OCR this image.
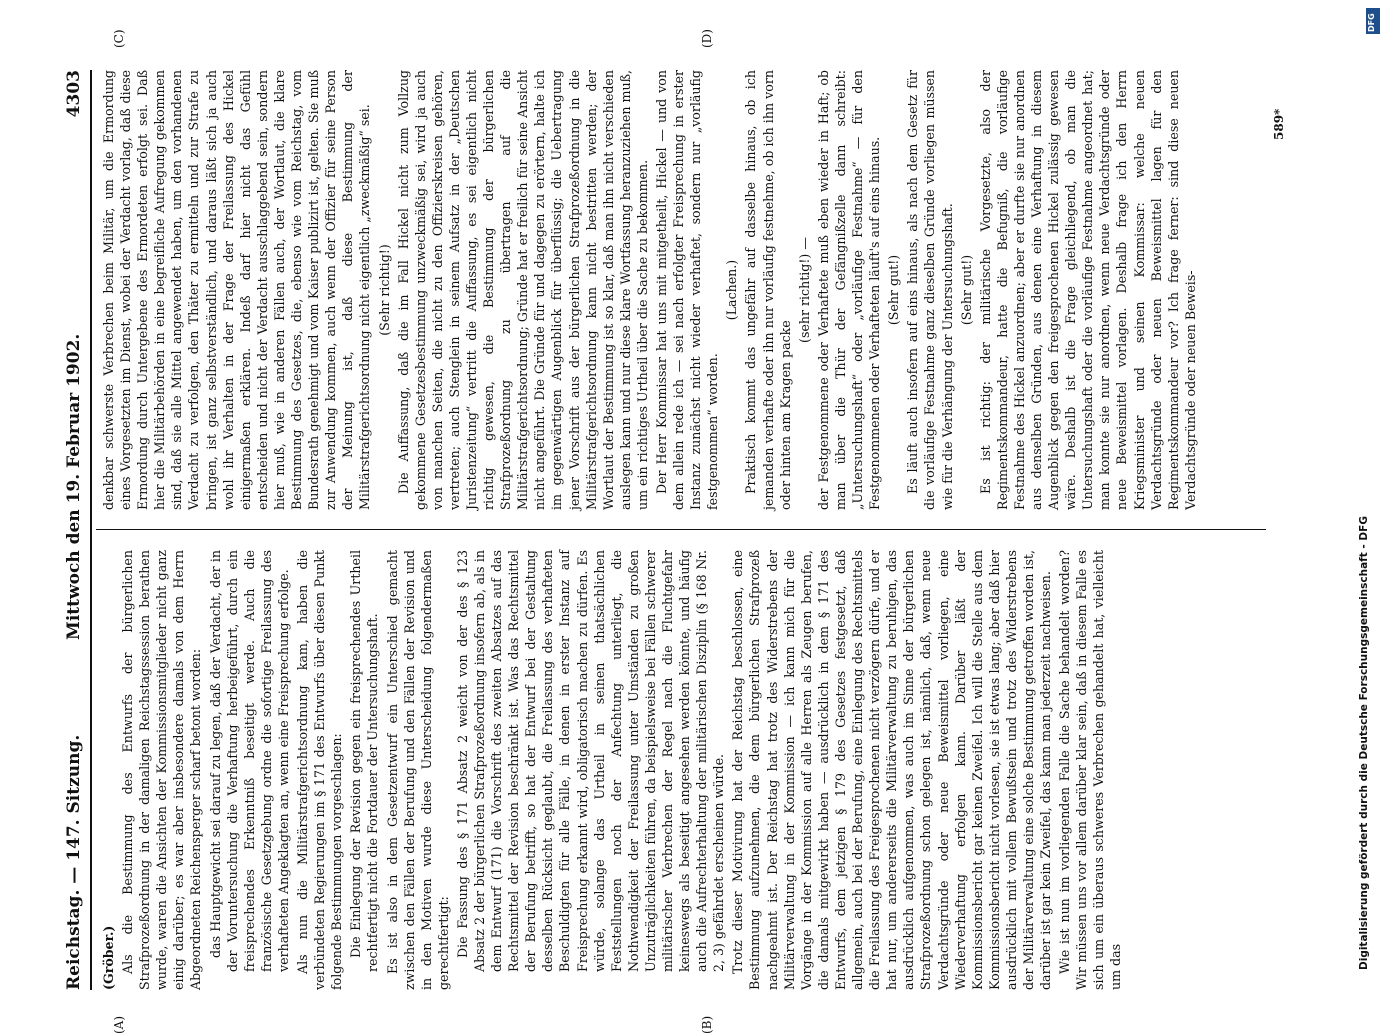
Reichstag. — 147. Sitzung.
Mittwoch den 19. Februar 1902.
4303
(A)	(B)
(C)	(D)

(Gröber.) Als die Bestimmung des Entwurfs der bürgerlichen Strafprozeßordnung in der damaligen Reichstagssession berathen wurde, waren die Ansichten der Kommissionsmitglieder nicht ganz einig darüber; es war aber insbesondere damals von dem Herrn Abgeordneten Reichensperger scharf betont worden: das Hauptgewicht sei darauf zu legen, daß der Verdacht, der in der Voruntersuchung die Verhaftung herbeigeführt, durch ein freisprechendes Erkenntniß beseitigt werde. Auch die französische Gesetzgebung ordne die sofortige Freilassung des verhafteten Angeklagten an, wenn eine Freisprechung erfolge. Als nun die Militärstrafgerichtsordnung kam, haben die verbündeten Regierungen im § 171 des Entwurfs über diesen Punkt folgende Bestimmungen vorgeschlagen: Die Einlegung der Revision gegen ein freisprechendes Urtheil rechtfertigt nicht die Fortdauer der Untersuchungshaft. Es ist also in dem Gesetzentwurf ein Unterschied gemacht zwischen den Fällen der Berufung und den Fällen der Revision und in den Motiven wurde diese Unterscheidung folgendermaßen gerechtfertigt: Die Fassung des § 171 Absatz 2 weicht von der des § 123 Absatz 2 der bürgerlichen Strafprozeßordnung insofern ab, als in dem Entwurf (171) die Vorschrift des zweiten Absatzes auf das Rechtsmittel der Revision beschränkt ist. Was das Rechtsmittel der Berufung betrifft, so hat der Entwurf bei der Gestaltung desselben Rücksicht geglaubt, die Freilassung des verhafteten Beschuldigten für alle Fälle, in denen in erster Instanz auf Freisprechung erkannt wird, obligatorisch machen zu dürfen. Es würde, solange das Urtheil in seinen thatsächlichen Feststellungen noch der Anfechtung unterliegt, die Nothwendigkeit der Freilassung unter Umständen zu großen Unzuträglichkeiten führen, da beispielsweise bei Fällen schwerer militärischer Verbrechen der Regel nach die Fluchtgefahr keineswegs als beseitigt angesehen werden könnte, und häufig auch die Aufrechterhaltung der militärischen Disziplin (§ 168 Nr. 2, 3) gefährdet erscheinen würde. Trotz dieser Motivirung hat der Reichstag beschlossen, eine Bestimmung aufzunehmen, die dem bürgerlichen Strafprozeß nachgeahmt ist. Der Reichstag hat trotz des Widerstrebens der Militärverwaltung in der Kommission — ich kann mich für die Vorgänge in der Kommission auf alle Herren als Zeugen berufen, die damals mitgewirkt haben — ausdrücklich in dem § 171 des Entwurfs, dem jetzigen § 179 des Gesetzes festgesetzt, daß allgemein, auch bei der Berufung, eine Einlegung des Rechtsmittels die Freilassung des Freigesprochenen nicht verzögern dürfe, und er hat nur, um andererseits die Militärverwaltung zu beruhigen, das ausdrücklich aufgenommen, was auch im Sinne der bürgerlichen Strafprozeßordnung schon gelegen ist, nämlich, daß, wenn neue Verdachtsgründe oder neue Beweismittel vorliegen, eine Wiederverhaftung erfolgen kann. Darüber läßt der Kommissionsbericht gar keinen Zweifel. Ich will die Stelle aus dem Kommissionsbericht nicht vorlesen, sie ist etwas lang; aber daß hier ausdrücklich mit vollem Bewußtsein und trotz des Widerstrebens der Militärverwaltung eine solche Bestimmung getroffen worden ist, darüber ist gar kein Zweifel, das kann man jederzeit nachweisen. Wie ist nun im vorliegenden Falle die Sache behandelt worden? Wir müssen uns vor allem darüber klar sein, daß in diesem Falle es sich um ein überaus schweres Verbrechen gehandelt hat, vielleicht um das

denkbar schwerste Verbrechen beim Militär, um die Ermordung eines Vorgesetzten im Dienst, wobei der Verdacht vorlag, daß diese Ermordung durch Untergebene des Ermordeten erfolgt sei. Daß hier die Militärbehörden in eine begreifliche Aufregung gekommen sind, daß sie alle Mittel angewendet haben, um den vorhandenen Verdacht zu verfolgen, den Thäter zu ermitteln und zur Strafe zu bringen, ist ganz selbstverständlich, und daraus läßt sich ja auch wohl ihr Verhalten in der Frage der Freilassung des Hickel einigermaßen erklären. Indeß darf hier nicht das Gefühl entscheiden und nicht der Verdacht ausschlaggebend sein, sondern hier muß, wie in anderen Fällen auch, der Wortlaut, die klare Bestimmung des Gesetzes, die, ebenso wie vom Reichstag, vom Bundesrath genehmigt und vom Kaiser publizirt ist, gelten. Sie muß zur Anwendung kommen, auch wenn der Offizier für seine Person der Meinung ist, daß diese Bestimmung der Militärstrafgerichtsordnung nicht eigentlich „zweckmäßig“ sei. (Sehr richtig!) Die Auffassung, daß die im Fall Hickel nicht zum Vollzug gekommene Gesetzesbestimmung unzweckmäßig sei, wird ja auch von manchen Seiten, die nicht zu den Offizierskreisen gehören, vertreten; auch Stenglein in seinem Aufsatz in der „Deutschen Juristenzeitung“ vertritt die Auffassung, es sei eigentlich nicht richtig gewesen, die Bestimmung der bürgerlichen Strafprozeßordnung zu übertragen auf die Militärstrafgerichtsordnung; Gründe hat er freilich für seine Ansicht nicht angeführt. Die Gründe für und dagegen zu erörtern, halte ich im gegenwärtigen Augenblick für überflüssig; die Uebertragung jener Vorschrift aus der bürgerlichen Strafprozeßordnung in die Militärstrafgerichtsordnung kann nicht bestritten werden; der Wortlaut der Bestimmung ist so klar, daß man ihn nicht verschieden auslegen kann und nur diese klare Wortfassung heranzuziehen muß, um ein richtiges Urtheil über die Sache zu bekommen. Der Herr Kommissar hat uns mit mitgetheilt, Hickel — und von dem allein rede ich — sei nach erfolgter Freisprechung in erster Instanz zunächst nicht wieder verhaftet, sondern nur „vorläufig festgenommen“ worden.

(Lachen.) Praktisch kommt das ungefähr auf dasselbe hinaus, ob ich jemanden verhafte oder ihn nur vorläufig festnehme, ob ich ihn vorn oder hinten am Kragen packe

(sehr richtig!) — der Festgenommene oder Verhaftete muß eben wieder in Haft; ob man über die Thür der Gefängnißzelle dann schreibt: „Untersuchungshaft“ oder „vorläufige Festnahme“ — für den Festgenommenen oder Verhafteten läuft's auf eins hinaus. (Sehr gut!) Es läuft auch insofern auf eins hinaus, als nach dem Gesetz für die vorläufige Festnahme ganz dieselben Gründe vorliegen müssen wie für die Verhängung der Untersuchungshaft. (Sehr gut!) Es ist richtig: der militärische Vorgesetzte, also der Regimentskommandeur, hatte die Befugniß, die vorläufige Festnahme des Hickel anzuordnen; aber er durfte sie nur anordnen aus denselben Gründen, aus denen eine Verhaftung in diesem Augenblick gegen den freigesprochenen Hickel zulässig gewesen wäre. Deshalb ist die Frage gleichliegend, ob man die Untersuchungshaft oder die vorläufige Festnahme angeordnet hat; man konnte sie nur anordnen, wenn neue Verdachtsgründe oder neue Beweismittel vorlagen. Deshalb frage ich den Herrn Kriegsminister und seinen Kommissar: welche neuen Verdachtsgründe oder neuen Beweismittel lagen für den Regimentskommandeur vor? Ich frage ferner: sind diese neuen Verdachtsgründe oder neuen Beweis-

589*
Digitalisierung gefördert durch die Deutsche Forschungsgemeinschaft - DFG
DFG
